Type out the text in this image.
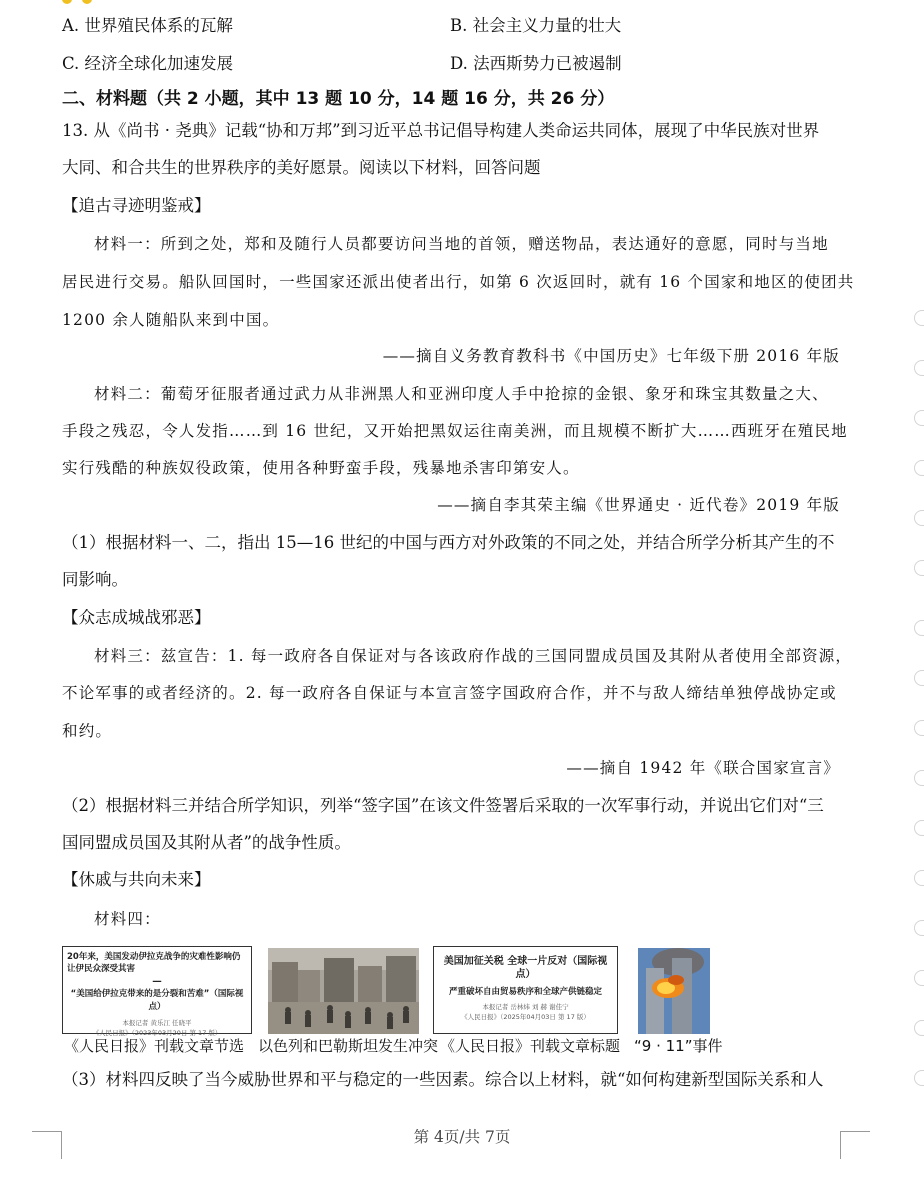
A. 世界殖民体系的瓦解	B. 社会主义力量的壮大
C. 经济全球化加速发展	D. 法西斯势力已被遏制
二、材料题（共 2 小题，其中 13 题 10 分，14 题 16 分，共 26 分）
13. 从《尚书 · 尧典》记载“协和万邦”到习近平总书记倡导构建人类命运共同体，展现了中华民族对世界
大同、和合共生的世界秩序的美好愿景。阅读以下材料，回答问题
【追古寻迹明鉴戒】
材料一：所到之处，郑和及随行人员都要访问当地的首领，赠送物品，表达通好的意愿，同时与当地
居民进行交易。船队回国时，一些国家还派出使者出行，如第 6 次返回时，就有 16 个国家和地区的使团共
1200 余人随船队来到中国。
——摘自义务教育教科书《中国历史》七年级下册 2016 年版
材料二：葡萄牙征服者通过武力从非洲黑人和亚洲印度人手中抢掠的金银、象牙和珠宝其数量之大、
手段之残忍，令人发指……到 16 世纪，又开始把黑奴运往南美洲，而且规模不断扩大……西班牙在殖民地
实行残酷的种族奴役政策，使用各种野蛮手段，残暴地杀害印第安人。
——摘自李其荣主编《世界通史 · 近代卷》2019 年版
（1）根据材料一、二，指出 15—16 世纪的中国与西方对外政策的不同之处，并结合所学分析其产生的不
同影响。
【众志成城战邪恶】
材料三：兹宣告：1. 每一政府各自保证对与各该政府作战的三国同盟成员国及其附从者使用全部资源，
不论军事的或者经济的。2. 每一政府各自保证与本宣言签字国政府合作，并不与敌人缔结单独停战协定或
和约。
——摘自 1942 年《联合国家宣言》
（2）根据材料三并结合所学知识，列举“签字国”在该文件签署后采取的一次军事行动，并说出它们对“三
国同盟成员国及其附从者”的战争性质。
【休戚与共向未来】
材料四：
20年来，美国发动伊拉克战争的灾难性影响仍让伊民众深受其害
—
“美国给伊拉克带来的是分裂和苦难”（国际视点）
本报记者 黄乐江 任晓平
《人民日报》（2023年03月20日 第 17 版）
《人民日报》刊载文章节选 以色列和巴勒斯坦发生冲突
美国加征关税 全球一片反对（国际视点）
严重破坏自由贸易秩序和全球产供链稳定
本报记者 岳林炜 刘 赫 谢佳宁
《人民日报》（2025年04月03日 第 17 版）
《人民日报》刊载文章标题 “9 · 11”事件
（3）材料四反映了当今威胁世界和平与稳定的一些因素。综合以上材料，就“如何构建新型国际关系和人
第 4页/共 7页
